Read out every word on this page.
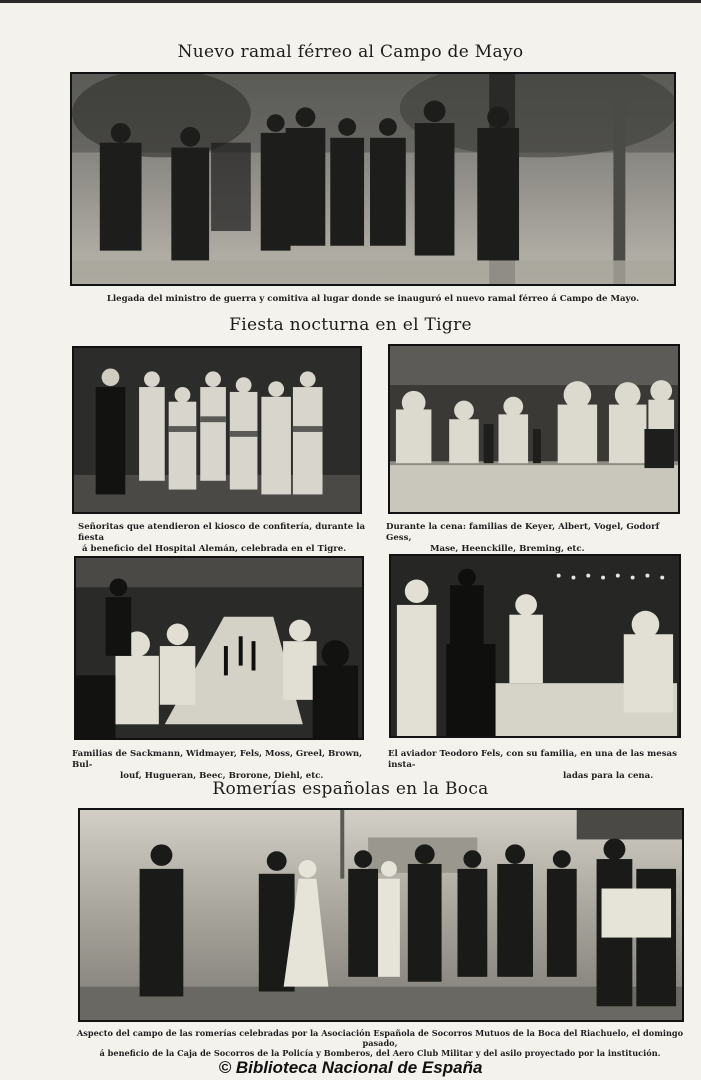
Nuevo ramal férreo al Campo de Mayo
Llegada del ministro de guerra y comitiva al lugar donde se inauguró el nuevo ramal férreo á Campo de Mayo.
Fiesta nocturna en el Tigre
Señoritas que atendieron el kiosco de confitería, durante la fiesta
á beneficio del Hospital Alemán, celebrada en el Tigre.
Durante la cena: familias de Keyer, Albert, Vogel, Godorf Gess,
Mase, Heenckille, Breming, etc.
Familias de Sackmann, Widmayer, Fels, Moss, Greel, Brown, Bul-
louf, Hugueran, Beec, Brorone, Diehl, etc.
El aviador Teodoro Fels, con su familia, en una de las mesas insta-
ladas para la cena.
Romerías españolas en la Boca
Aspecto del campo de las romerías celebradas por la Asociación Española de Socorros Mutuos de la Boca del Riachuelo, el domingo pasado,
á beneficio de la Caja de Socorros de la Policía y Bomberos, del Aero Club Militar y del asilo proyectado por la institución.
© Biblioteca Nacional de España
